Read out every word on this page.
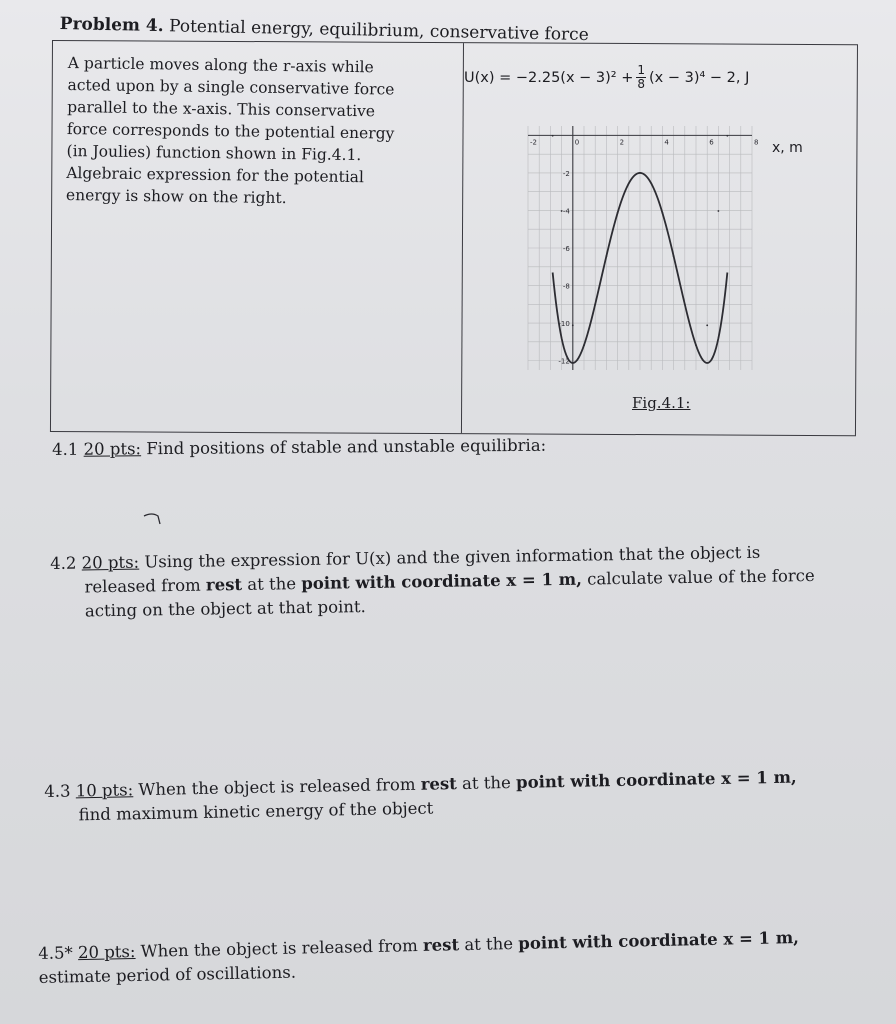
Problem 4. Potential energy, equilibrium, conservative force

A particle moves along the r-axis while

acted upon by a single conservative force

parallel to the x-axis. This conservative

force corresponds to the potential energy

(in Joulies) function shown in Fig.4.1.

Algebraic expression for the potential

energy is show on the right.

$U(x) = -2.25(x - 3)^2 + \frac{1}{8} (x - 3)^4 - 2$, J
-2	0	2	4	6	8
-2
-4
-6
-8
-10
-12
x, m
Fig.4.1:
4.1 20 pts: Find positions of stable and unstable equilibria:
4.2 20 pts: Using the expression for U(x) and the given information that the object is
released from rest at the point with coordinate x = 1 m, calculate value of the force
acting on the object at that point.
4.3 10 pts: When the object is released from rest at the point with coordinate x = 1 m,
find maximum kinetic energy of the object
4.5* 20 pts: When the object is released from rest at the point with coordinate x = 1 m,
estimate period of oscillations.
